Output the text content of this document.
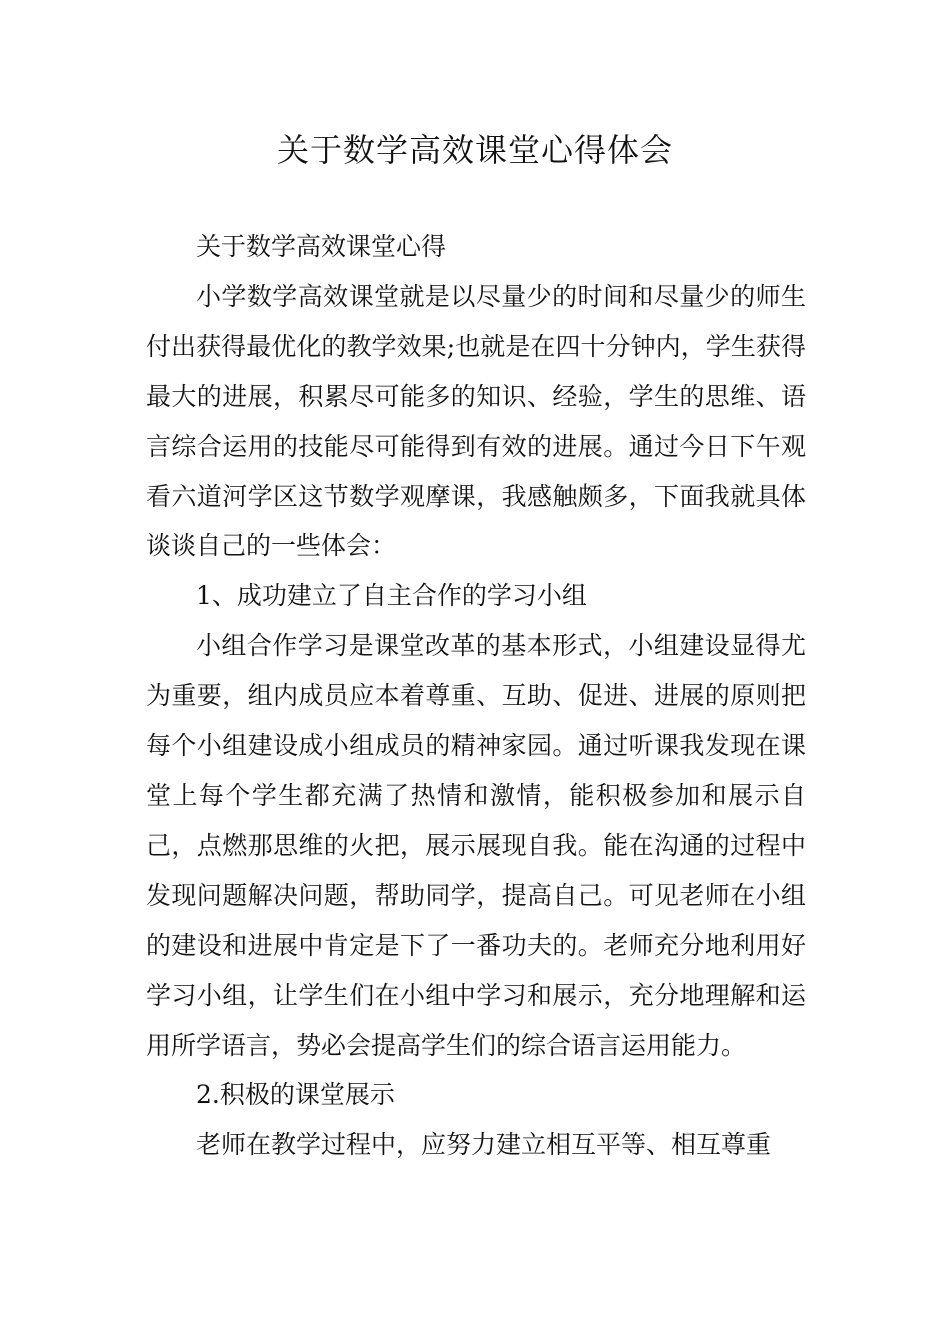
关于数学高效课堂心得体会

关于数学高效课堂心得

小学数学高效课堂就是以尽量少的时间和尽量少的师生付出获得最优化的教学效果;也就是在四十分钟内，学生获得最大的进展，积累尽可能多的知识、经验，学生的思维、语言综合运用的技能尽可能得到有效的进展。通过今日下午观看六道河学区这节数学观摩课，我感触颇多，下面我就具体谈谈自己的一些体会：

1、成功建立了自主合作的学习小组

小组合作学习是课堂改革的基本形式，小组建设显得尤为重要，组内成员应本着尊重、互助、促进、进展的原则把每个小组建设成小组成员的精神家园。通过听课我发现在课堂上每个学生都充满了热情和激情，能积极参加和展示自己，点燃那思维的火把，展示展现自我。能在沟通的过程中发现问题解决问题，帮助同学，提高自己。可见老师在小组的建设和进展中肯定是下了一番功夫的。老师充分地利用好学习小组，让学生们在小组中学习和展示，充分地理解和运用所学语言，势必会提高学生们的综合语言运用能力。

2.积极的课堂展示

老师在教学过程中，应努力建立相互平等、相互尊重
